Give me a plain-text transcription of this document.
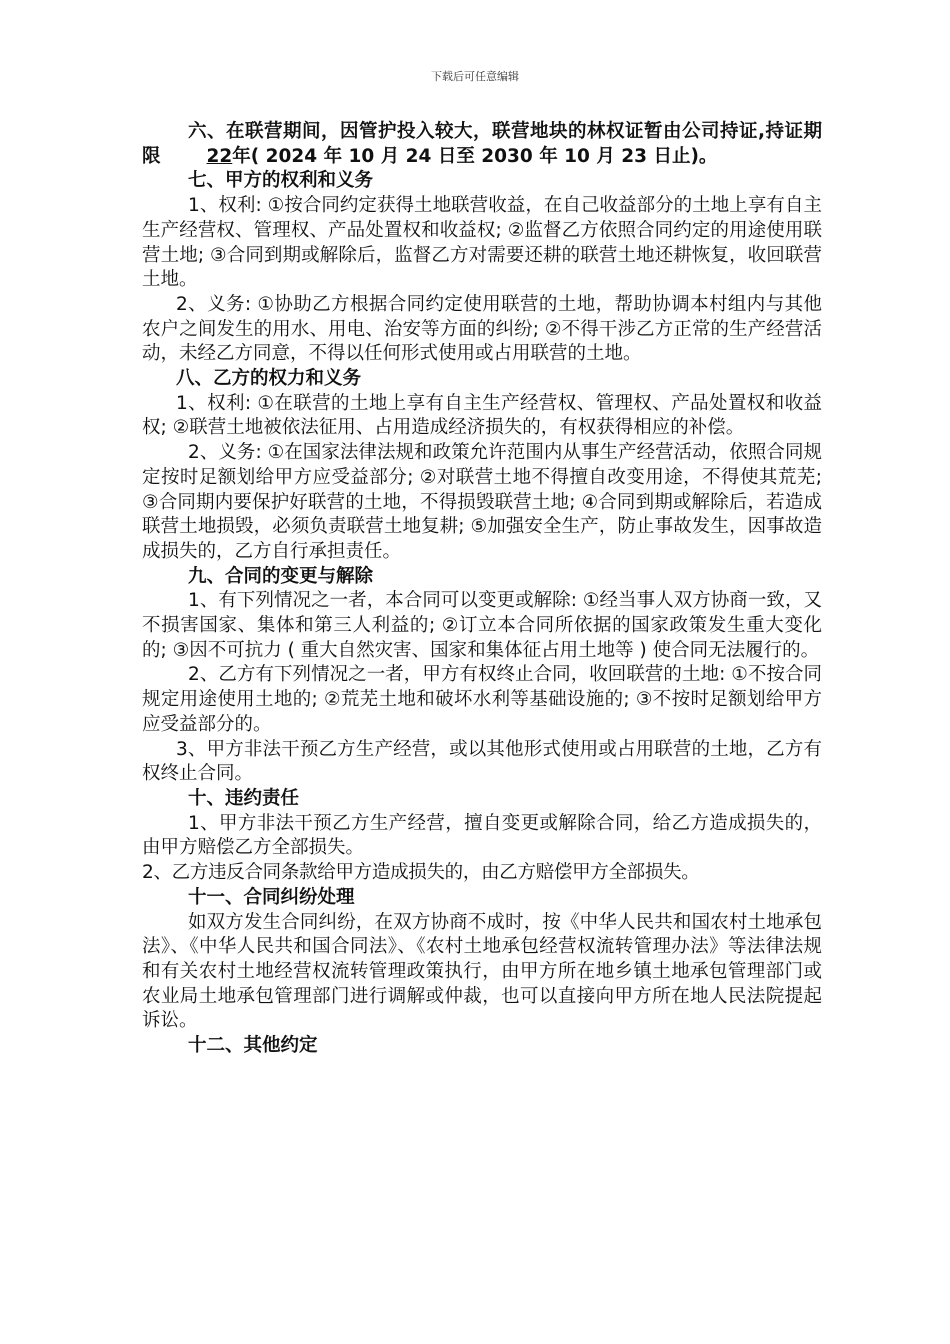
下载后可任意编辑

六、在联营期间，因管护投入较大，联营地块的林权证暂由公司持证,持证期限 22年( 2024 年 10 月 24 日至 2030 年 10 月 23 日止)。

七、甲方的权利和义务

1、权利: ①按合同约定获得土地联营收益，在自己收益部分的土地上享有自主生产经营权、管理权、产品处置权和收益权; ②监督乙方依照合同约定的用途使用联营土地; ③合同到期或解除后，监督乙方对需要还耕的联营土地还耕恢复，收回联营土地。

2、义务: ①协助乙方根据合同约定使用联营的土地，帮助协调本村组内与其他农户之间发生的用水、用电、治安等方面的纠纷; ②不得干涉乙方正常的生产经营活动，未经乙方同意，不得以任何形式使用或占用联营的土地。

八、乙方的权力和义务

1、权利: ①在联营的土地上享有自主生产经营权、管理权、产品处置权和收益权; ②联营土地被依法征用、占用造成经济损失的，有权获得相应的补偿。

2、义务: ①在国家法律法规和政策允许范围内从事生产经营活动，依照合同规定按时足额划给甲方应受益部分; ②对联营土地不得擅自改变用途，不得使其荒芜; ③合同期内要保护好联营的土地，不得损毁联营土地; ④合同到期或解除后，若造成联营土地损毁，必须负责联营土地复耕; ⑤加强安全生产，防止事故发生，因事故造成损失的，乙方自行承担责任。

九、合同的变更与解除

1、有下列情况之一者，本合同可以变更或解除: ①经当事人双方协商一致，又不损害国家、集体和第三人利益的; ②订立本合同所依据的国家政策发生重大变化的; ③因不可抗力 ( 重大自然灾害、国家和集体征占用土地等 ) 使合同无法履行的。

2、乙方有下列情况之一者，甲方有权终止合同，收回联营的土地: ①不按合同规定用途使用土地的; ②荒芜土地和破坏水利等基础设施的; ③不按时足额划给甲方应受益部分的。

3、甲方非法干预乙方生产经营，或以其他形式使用或占用联营的土地，乙方有权终止合同。

十、违约责任

1、甲方非法干预乙方生产经营，擅自变更或解除合同，给乙方造成损失的，由甲方赔偿乙方全部损失。

2、乙方违反合同条款给甲方造成损失的，由乙方赔偿甲方全部损失。

十一、合同纠纷处理

如双方发生合同纠纷，在双方协商不成时，按《中华人民共和国农村土地承包法》、《中华人民共和国合同法》、《农村土地承包经营权流转管理办法》等法律法规和有关农村土地经营权流转管理政策执行，由甲方所在地乡镇土地承包管理部门或农业局土地承包管理部门进行调解或仲裁，也可以直接向甲方所在地人民法院提起诉讼。

十二、其他约定
